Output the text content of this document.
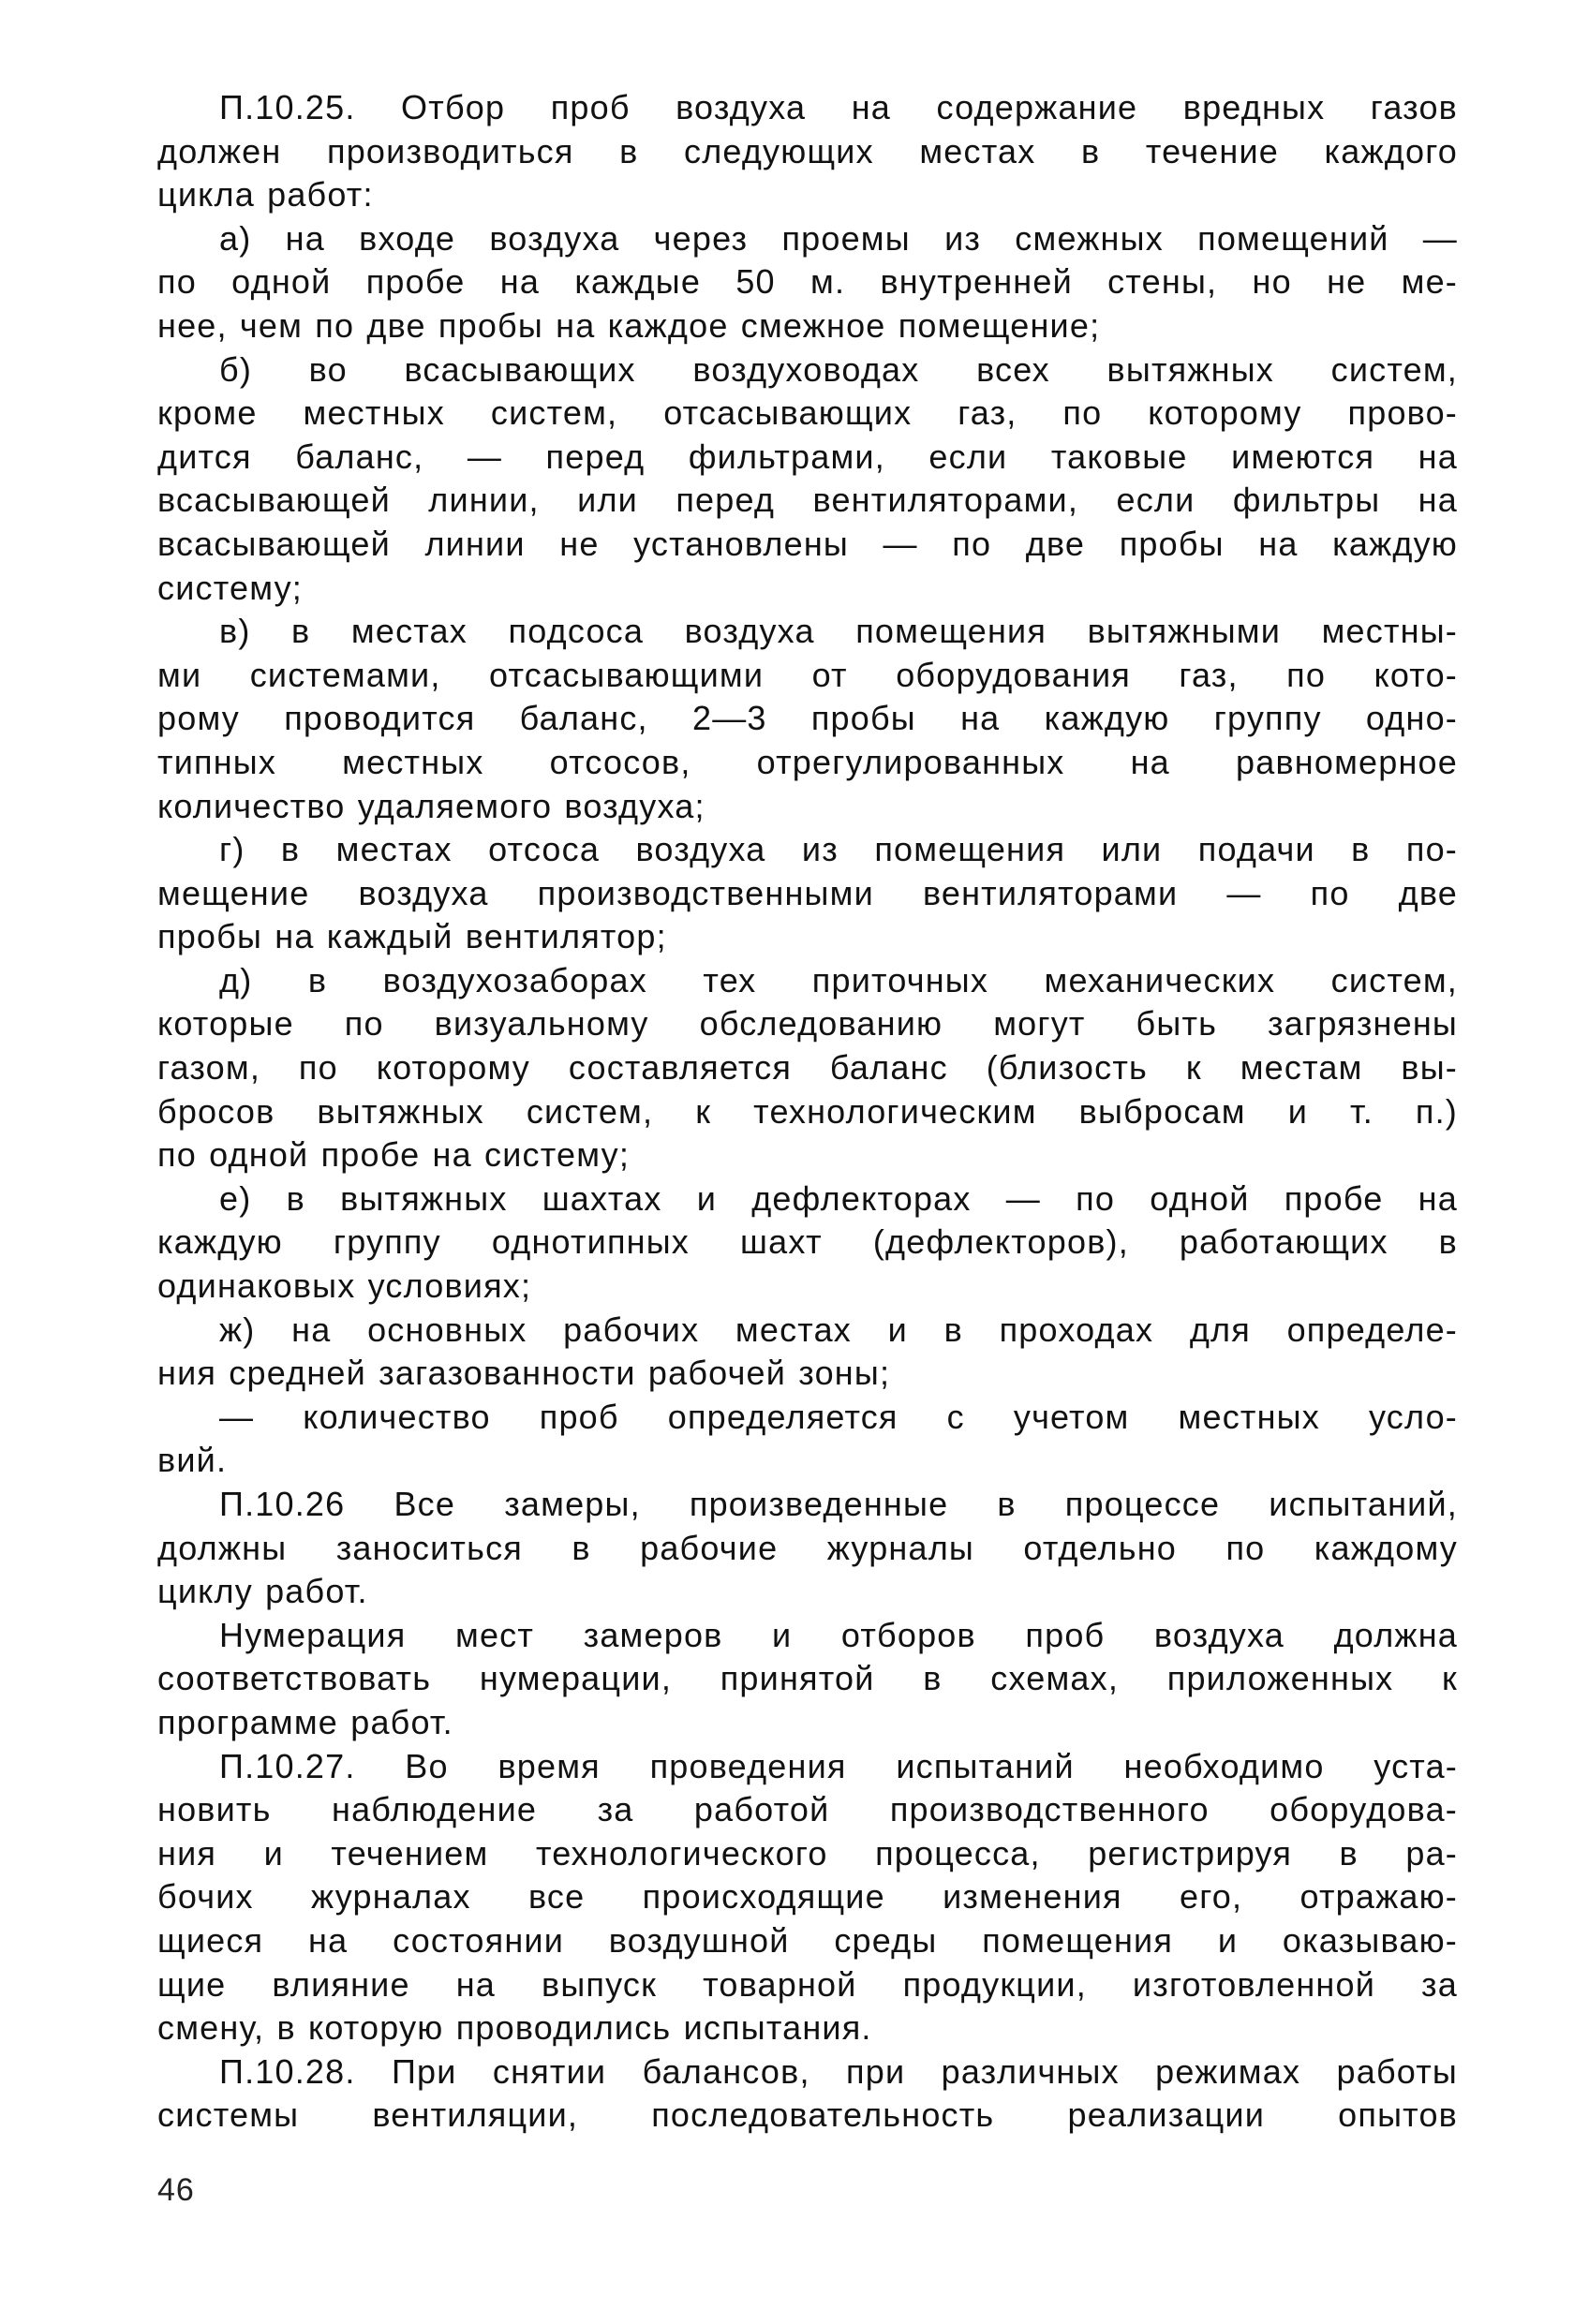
П.10.25. Отбор проб воздуха на содержание вредных газов
должен производиться в следующих местах в течение каждого
цикла работ:
а) на входе воздуха через проемы из смежных помещений —
по одной пробе на каждые 50 м. внутренней стены, но не ме-
нее, чем по две пробы на каждое смежное помещение;
б) во всасывающих воздуховодах всех вытяжных систем,
кроме местных систем, отсасывающих газ, по которому прово-
дится баланс, — перед фильтрами, если таковые имеются на
всасывающей линии, или перед вентиляторами, если фильтры на
всасывающей линии не установлены — по две пробы на каждую
систему;
в) в местах подсоса воздуха помещения вытяжными местны-
ми системами, отсасывающими от оборудования газ, по кото-
рому проводится баланс, 2—3 пробы на каждую группу одно-
типных местных отсосов, отрегулированных на равномерное
количество удаляемого воздуха;
г) в местах отсоса воздуха из помещения или подачи в по-
мещение воздуха производственными вентиляторами — по две
пробы на каждый вентилятор;
д) в воздухозаборах тех приточных механических систем,
которые по визуальному обследованию могут быть загрязнены
газом, по которому составляется баланс (близость к местам вы-
бросов вытяжных систем, к технологическим выбросам и т. п.)
по одной пробе на систему;
е) в вытяжных шахтах и дефлекторах — по одной пробе на
каждую группу однотипных шахт (дефлекторов), работающих в
одинаковых условиях;
ж) на основных рабочих местах и в проходах для определе-
ния средней загазованности рабочей зоны;
— количество проб определяется с учетом местных усло-
вий.
П.10.26 Все замеры, произведенные в процессе испытаний,
должны заноситься в рабочие журналы отдельно по каждому
циклу работ.
Нумерация мест замеров и отборов проб воздуха должна
соответствовать нумерации, принятой в схемах, приложенных к
программе работ.
П.10.27. Во время проведения испытаний необходимо уста-
новить наблюдение за работой производственного оборудова-
ния и течением технологического процесса, регистрируя в ра-
бочих журналах все происходящие изменения его, отражаю-
щиеся на состоянии воздушной среды помещения и оказываю-
щие влияние на выпуск товарной продукции, изготовленной за
смену, в которую проводились испытания.
П.10.28. При снятии балансов, при различных режимах работы
системы вентиляции, последовательность реализации опытов
46
